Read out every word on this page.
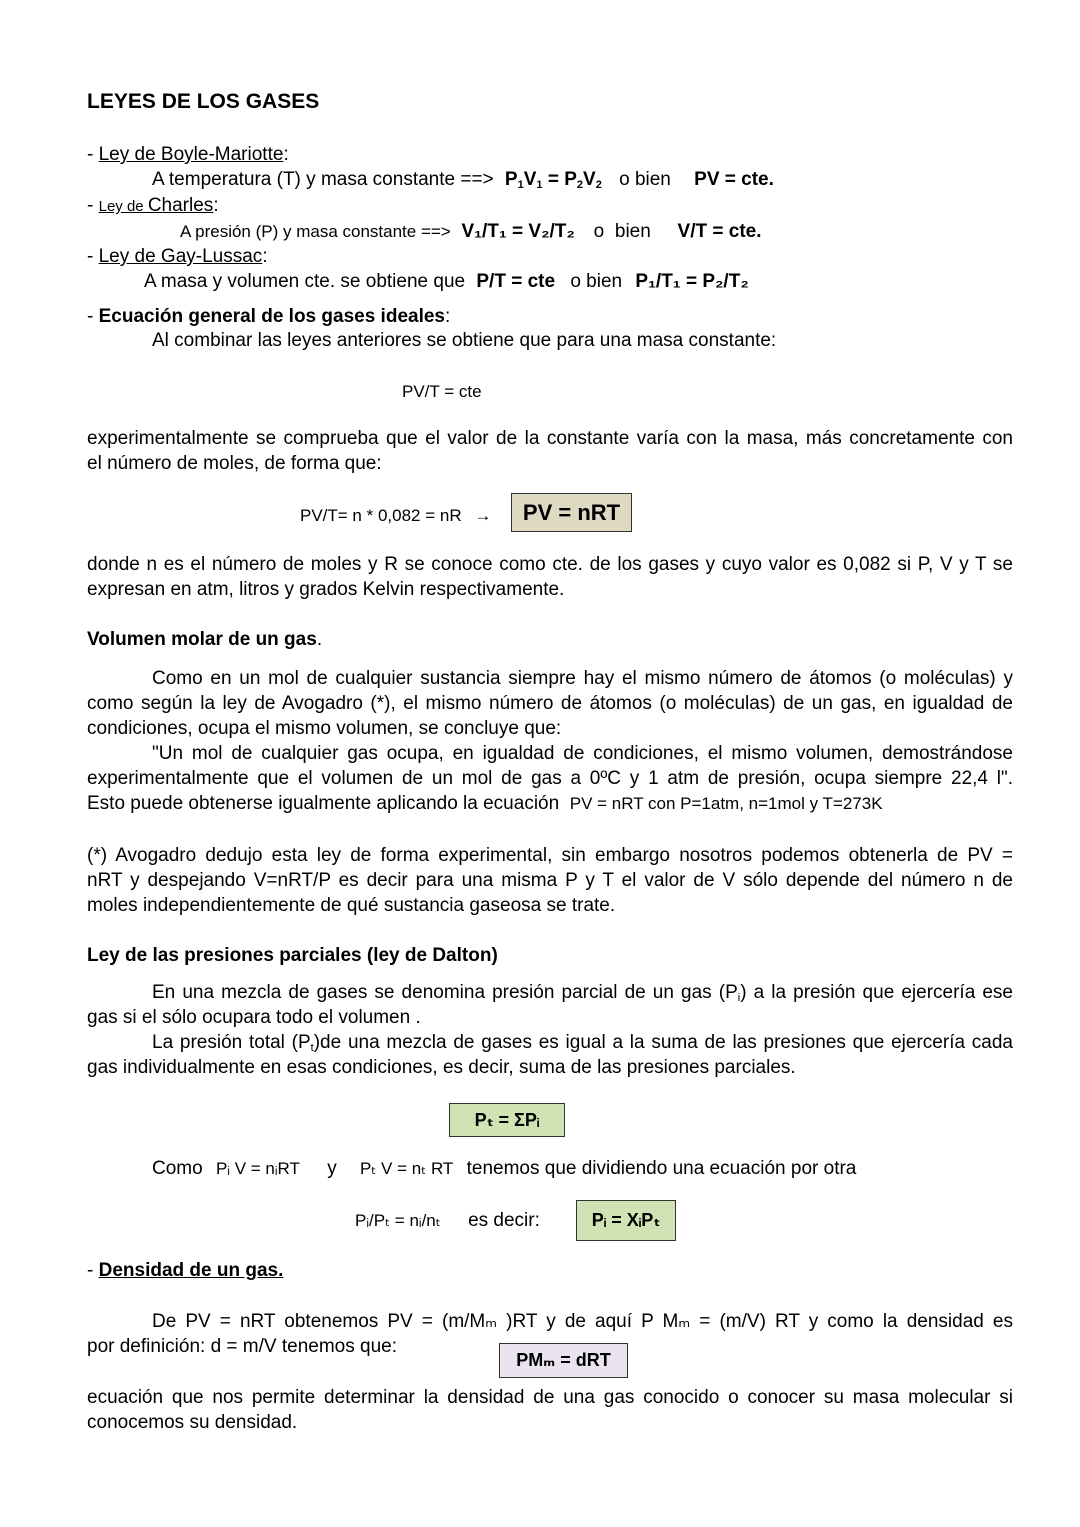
LEYES DE LOS GASES
- Ley de Boyle-Mariotte:
A temperatura (T) y masa constante ==> $P_1V_1 = P_2V_2$ o bien PV = cte.
- Ley de Charles:
A presión (P) y masa constante ==> V₁/T₁ = V₂/T₂ o bien V/T = cte.
- Ley de Gay-Lussac:
A masa y volumen cte. se obtiene que P/T = cte o bien P₁/T₁ = P₂/T₂
- Ecuación general de los gases ideales:
Al combinar las leyes anteriores se obtiene que para una masa constante:
PV/T = cte
experimentalmente se comprueba que el valor de la constante varía con la masa, más concretamente con
el número de moles, de forma que:
PV/T= n * 0,082 = nR → PV = nRT
donde n es el número de moles y R se conoce como cte. de los gases y cuyo valor es 0,082 si P, V y T se
expresan en atm, litros y grados Kelvin respectivamente.
Volumen molar de un gas.
Como en un mol de cualquier sustancia siempre hay el mismo número de átomos (o moléculas) y
como según la ley de Avogadro (*), el mismo número de átomos (o moléculas) de un gas, en igualdad de
condiciones, ocupa el mismo volumen, se concluye que:
"Un mol de cualquier gas ocupa, en igualdad de condiciones, el mismo volumen, demostrándose
experimentalmente que el volumen de un mol de gas a 0ºC y 1 atm de presión, ocupa siempre 22,4 l".
Esto puede obtenerse igualmente aplicando la ecuación PV = nRT con P=1atm, n=1mol y T=273K
(*) Avogadro dedujo esta ley de forma experimental, sin embargo nosotros podemos obtenerla de PV =
nRT y despejando V=nRT/P es decir para una misma P y T el valor de V sólo depende del número n de
moles independientemente de qué sustancia gaseosa se trate.
Ley de las presiones parciales (ley de Dalton)
En una mezcla de gases se denomina presión parcial de un gas $(P_i)$ a la presión que ejercería ese
gas si el sólo ocupara todo el volumen .
La presión total $(P_t)de$ una mezcla de gases es igual a la suma de las presiones que ejercería cada
gas individualmente en esas condiciones, es decir, suma de las presiones parciales.
Pₜ = ΣPᵢ
Como Pᵢ V = nᵢRT y Pₜ V = nₜ RT tenemos que dividiendo una ecuación por otra
Pᵢ/Pₜ = nᵢ/nₜ es decir:	Pᵢ = XᵢPₜ
- Densidad de un gas.
De PV = nRT obtenemos PV = (m/Mₘ )RT y de aquí P Mₘ = (m/V) RT y como la densidad es
por definición: d = m/V tenemos que:
PMₘ = dRT
ecuación que nos permite determinar la densidad de una gas conocido o conocer su masa molecular si
conocemos su densidad.
